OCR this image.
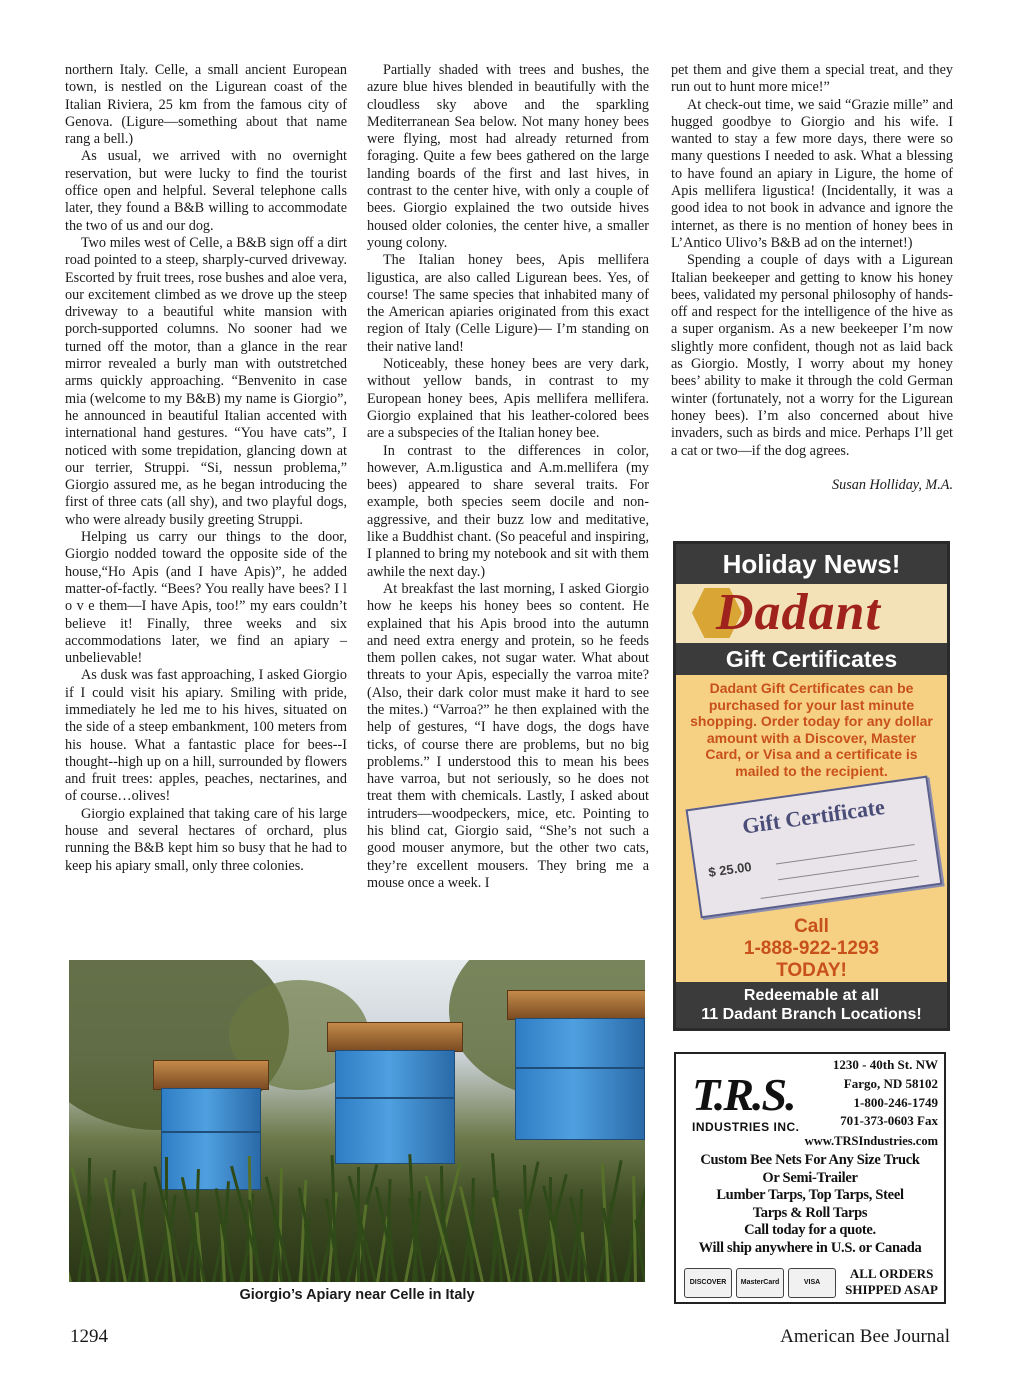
northern Italy. Celle, a small ancient European town, is nestled on the Ligurean coast of the Italian Riviera, 25 km from the famous city of Genova. (Ligure—something about that name rang a bell.)

As usual, we arrived with no overnight reservation, but were lucky to find the tourist office open and helpful. Several telephone calls later, they found a B&B willing to accommodate the two of us and our dog.

Two miles west of Celle, a B&B sign off a dirt road pointed to a steep, sharply-curved driveway. Escorted by fruit trees, rose bushes and aloe vera, our excitement climbed as we drove up the steep driveway to a beautiful white mansion with porch-supported columns. No sooner had we turned off the motor, than a glance in the rear mirror revealed a burly man with outstretched arms quickly approaching. “Benvenito in case mia (welcome to my B&B) my name is Giorgio”, he announced in beautiful Italian accented with international hand gestures. “You have cats”, I noticed with some trepidation, glancing down at our terrier, Struppi. “Si, nessun problema,” Giorgio assured me, as he began introducing the first of three cats (all shy), and two playful dogs, who were already busily greeting Struppi.

Helping us carry our things to the door, Giorgio nodded toward the opposite side of the house,“Ho Apis (and I have Apis)”, he added matter-of-factly. “Bees? You really have bees? I l o v e them—I have Apis, too!” my ears couldn’t believe it! Finally, three weeks and six accommodations later, we find an apiary – unbelievable!

As dusk was fast approaching, I asked Giorgio if I could visit his apiary. Smiling with pride, immediately he led me to his hives, situated on the side of a steep embankment, 100 meters from his house. What a fantastic place for bees--I thought--high up on a hill, surrounded by flowers and fruit trees: apples, peaches, nectarines, and of course…olives!

Giorgio explained that taking care of his large house and several hectares of orchard, plus running the B&B kept him so busy that he had to keep his apiary small, only three colonies.

Partially shaded with trees and bushes, the azure blue hives blended in beautifully with the cloudless sky above and the sparkling Mediterranean Sea below. Not many honey bees were flying, most had already returned from foraging. Quite a few bees gathered on the large landing boards of the first and last hives, in contrast to the center hive, with only a couple of bees. Giorgio explained the two outside hives housed older colonies, the center hive, a smaller young colony.

The Italian honey bees, Apis mellifera ligustica, are also called Ligurean bees. Yes, of course! The same species that inhabited many of the American apiaries originated from this exact region of Italy (Celle Ligure)— I’m standing on their native land!

Noticeably, these honey bees are very dark, without yellow bands, in contrast to my European honey bees, Apis mellifera mellifera. Giorgio explained that his leather-colored bees are a subspecies of the Italian honey bee.

In contrast to the differences in color, however, A.m.ligustica and A.m.mellifera (my bees) appeared to share several traits. For example, both species seem docile and non-aggressive, and their buzz low and meditative, like a Buddhist chant. (So peaceful and inspiring, I planned to bring my notebook and sit with them awhile the next day.)

At breakfast the last morning, I asked Giorgio how he keeps his honey bees so content. He explained that his Apis brood into the autumn and need extra energy and protein, so he feeds them pollen cakes, not sugar water. What about threats to your Apis, especially the varroa mite? (Also, their dark color must make it hard to see the mites.) “Varroa?” he then explained with the help of gestures, “I have dogs, the dogs have ticks, of course there are problems, but no big problems.” I understood this to mean his bees have varroa, but not seriously, so he does not treat them with chemicals. Lastly, I asked about intruders—woodpeckers, mice, etc. Pointing to his blind cat, Giorgio said, “She’s not such a good mouser anymore, but the other two cats, they’re excellent mousers. They bring me a mouse once a week. I

pet them and give them a special treat, and they run out to hunt more mice!”

At check-out time, we said “Grazie mille” and hugged goodbye to Giorgio and his wife. I wanted to stay a few more days, there were so many questions I needed to ask. What a blessing to have found an apiary in Ligure, the home of Apis mellifera ligustica! (Incidentally, it was a good idea to not book in advance and ignore the internet, as there is no mention of honey bees in L’Antico Ulivo’s B&B ad on the internet!)

Spending a couple of days with a Ligurean Italian beekeeper and getting to know his honey bees, validated my personal philosophy of hands-off and respect for the intelligence of the hive as a super organism. As a new beekeeper I’m now slightly more confident, though not as laid back as Giorgio. Mostly, I worry about my honey bees’ ability to make it through the cold German winter (fortunately, not a worry for the Ligurean honey bees). I’m also concerned about hive invaders, such as birds and mice. Perhaps I’ll get a cat or two—if the dog agrees.

Susan Holliday, M.A.

Giorgio’s Apiary near Celle in Italy
Holiday News!
Dadant
Gift Certificates
Dadant Gift Certificates can be purchased for your last minute shopping. Order today for any dollar amount with a Discover, Master Card, or Visa and a certificate is mailed to the recipient.
Gift Certificate
$ 25.00
Call
1-888-922-1293
TODAY!
Redeemable at all
11 Dadant Branch Locations!
T.R.S.
INDUSTRIES INC.
1230 - 40th St. NW
Fargo, ND 58102
1-800-246-1749
701-373-0603 Fax
www.TRSIndustries.com
Custom Bee Nets For Any Size Truck
Or Semi-Trailer
Lumber Tarps, Top Tarps, Steel
Tarps & Roll Tarps
Call today for a quote.
Will ship anywhere in U.S. or Canada
DISCOVER	MasterCard	VISA
ALL ORDERS
SHIPPED ASAP
1294	American Bee Journal
